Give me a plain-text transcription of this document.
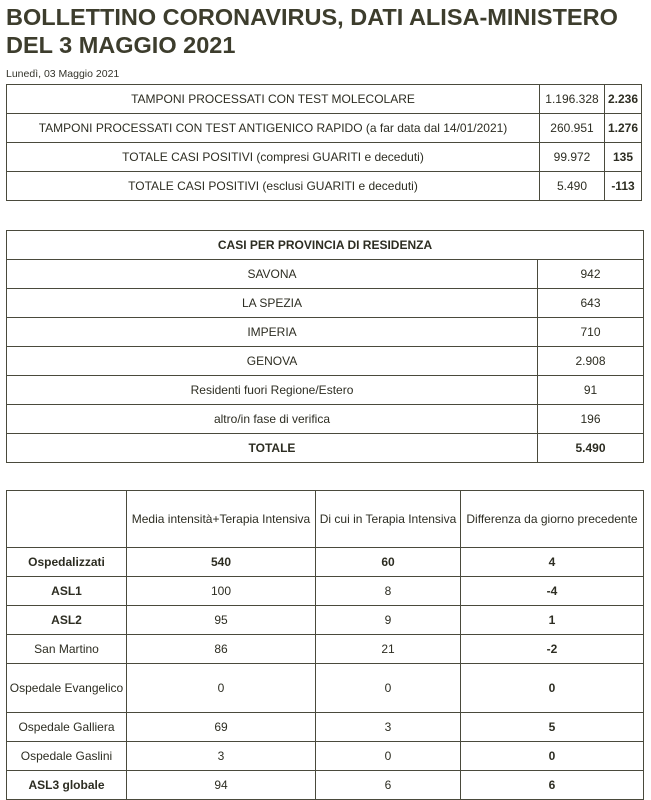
BOLLETTINO CORONAVIRUS, DATI ALISA-MINISTERO DEL 3 MAGGIO 2021
Lunedì, 03 Maggio 2021
TAMPONI PROCESSATI CON TEST MOLECOLARE	1.196.328	2.236
TAMPONI PROCESSATI CON TEST ANTIGENICO RAPIDO (a far data dal 14/01/2021)	260.951	1.276
TOTALE CASI POSITIVI (compresi GUARITI e deceduti)	99.972	135
TOTALE CASI POSITIVI (esclusi GUARITI e deceduti)	5.490	-113
CASI PER PROVINCIA DI RESIDENZA	
SAVONA	942
LA SPEZIA	643
IMPERIA	710
GENOVA	2.908
Residenti fuori Regione/Estero	91
altro/in fase di verifica	196
TOTALE	5.490
	Media intensità+Terapia Intensiva	Di cui in Terapia Intensiva	Differenza da giorno precedente
Ospedalizzati	540	60	4
ASL1	100	8	-4
ASL2	95	9	1
San Martino	86	21	-2
Ospedale Evangelico	0	0	0
Ospedale Galliera	69	3	5
Ospedale Gaslini	3	0	0
ASL3 globale	94	6	6
